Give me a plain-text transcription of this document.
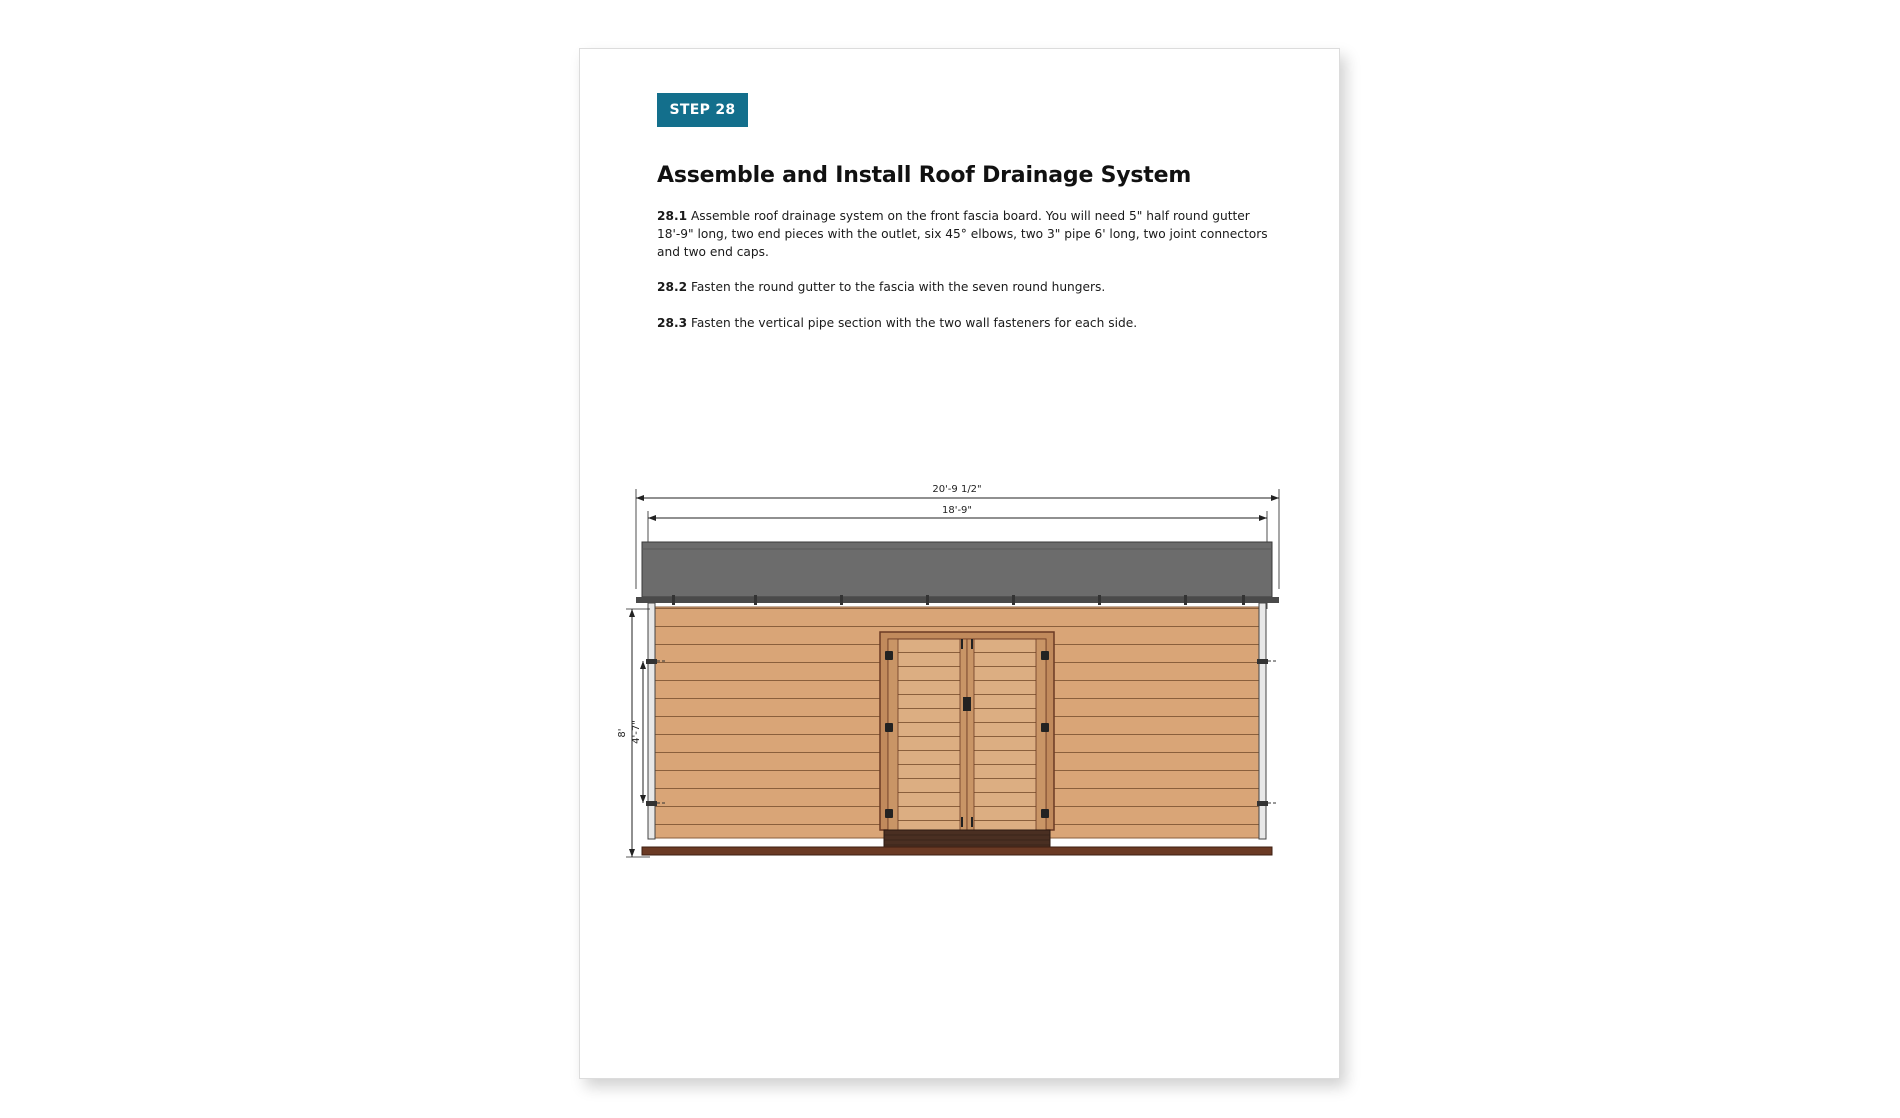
STEP 28
Assemble and Install Roof Drainage System

28.1 Assemble roof drainage system on the front fascia board. You will need 5" half round gutter 18'-9" long, two end pieces with the outlet, six 45° elbows, two 3" pipe 6' long, two joint connectors and two end caps.

28.2 Fasten the round gutter to the fascia with the seven round hungers.

28.3 Fasten the vertical pipe section with the two wall fasteners for each side.

20'-9 1/2"
18'-9"
8' 4'-7"
